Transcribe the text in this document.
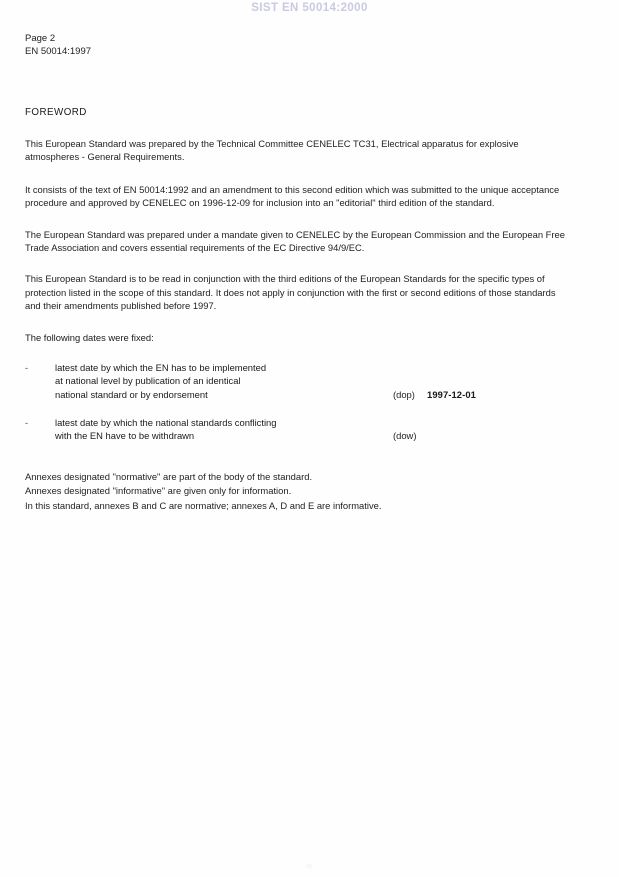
SIST EN 50014:2000
Page 2
EN 50014:1997
FOREWORD

This European Standard was prepared by the Technical Committee CENELEC TC31, Electrical apparatus for explosive atmospheres - General Requirements.

It consists of the text of EN 50014:1992 and an amendment to this second edition which was submitted to the unique acceptance procedure and approved by CENELEC on 1996-12-09 for inclusion into an "editorial" third edition of the standard.

The European Standard was prepared under a mandate given to CENELEC by the European Commission and the European Free Trade Association and covers essential requirements of the EC Directive 94/9/EC.

This European Standard is to be read in conjunction with the third editions of the European Standards for the specific types of protection listed in the scope of this standard. It does not apply in conjunction with the first or second editions of those standards and their amendments published before 1997.

The following dates were fixed:
-	latest date by which the EN has to be implemented
at national level by publication of an identical
national standard or by endorsement	(dop) 1997-12-01
-	latest date by which the national standards conflicting
with the EN have to be withdrawn	(dow)
Annexes designated "normative" are part of the body of the standard.
Annexes designated "informative" are given only for information.
In this standard, annexes B and C are normative; annexes A, D and E are informative.
